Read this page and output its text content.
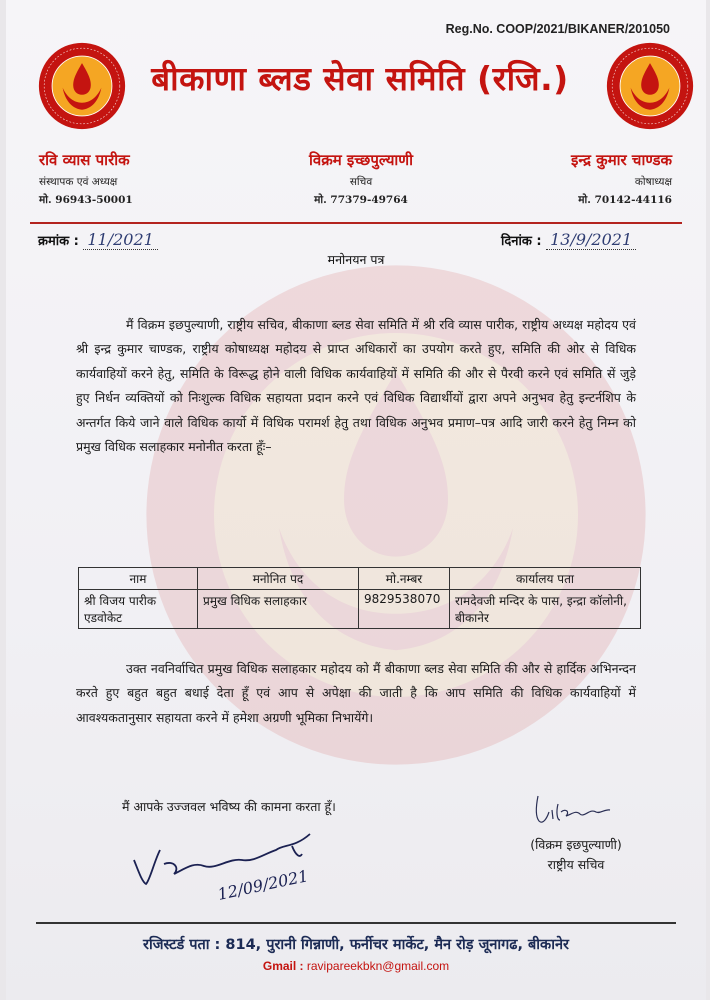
Reg.No. COOP/2021/BIKANER/201050
बीकाणा ब्लड सेवा समिति (रजि.)
रवि व्यास पारीक
संस्थापक एवं अध्यक्ष
मो. 96943-50001
विक्रम इच्छपुल्याणी
सचिव
मो. 77379-49764
इन्द्र कुमार चाण्डक
कोषाध्यक्ष
मो. 70142-44116
क्रमांक : 11/2021	दिनांक : 13/9/2021
मनोनयन पत्र
मैं विक्रम इछपुल्याणी, राष्ट्रीय सचिव, बीकाणा ब्लड सेवा समिति में श्री रवि व्यास पारीक, राष्ट्रीय अध्यक्ष महोदय एवं श्री इन्द्र कुमार चाण्डक, राष्ट्रीय कोषाध्यक्ष महोदय से प्राप्त अधिकारों का उपयोग करते हुए, समिति की ओर से विधिक कार्यवाहियों करने हेतु, समिति के विरूद्ध होने वाली विधिक कार्यवाहियों में समिति की और से पैरवी करने एवं समिति सें जुड़े हुए निर्धन व्यक्तियों को निःशुल्क विधिक सहायता प्रदान करने एवं विधिक विद्यार्थीयों द्वारा अपने अनुभव हेतु इन्टर्नशिप के अन्तर्गत किये जाने वाले विधिक कार्यो में विधिक परामर्श हेतु तथा विधिक अनुभव प्रमाण–पत्र आदि जारी करने हेतु निम्न को प्रमुख विधिक सलाहकार मनोनीत करता हूँः–
नाम	मनोनित पद	मो.नम्बर	कार्यालय पता
श्री विजय पारीक एडवोकेट	प्रमुख विधिक सलाहकार	9829538070	रामदेवजी मन्दिर के पास, इन्द्रा कॉलोनी, बीकानेर
उक्त नवनिर्वाचित प्रमुख विधिक सलाहकार महोदय को मैं बीकाणा ब्लड सेवा समिति की और से हार्दिक अभिनन्दन करते हुए बहुत बहुत बधाई देता हूँ एवं आप से अपेक्षा की जाती है कि आप समिति की विधिक कार्यवाहियों में आवश्यकतानुसार सहायता करने में हमेशा अग्रणी भूमिका निभायेंगे।
मैं आपके उज्जवल भविष्य की कामना करता हूँ।
(विक्रम इछपुल्याणी)
राष्ट्रीय सचिव
12/09/2021
रजिस्टर्ड पता : 814, पुरानी गिन्नाणी, फर्नीचर मार्केट, मैन रोड़ जूनागढ, बीकानेर
Gmail : ravipareekbkn@gmail.com
